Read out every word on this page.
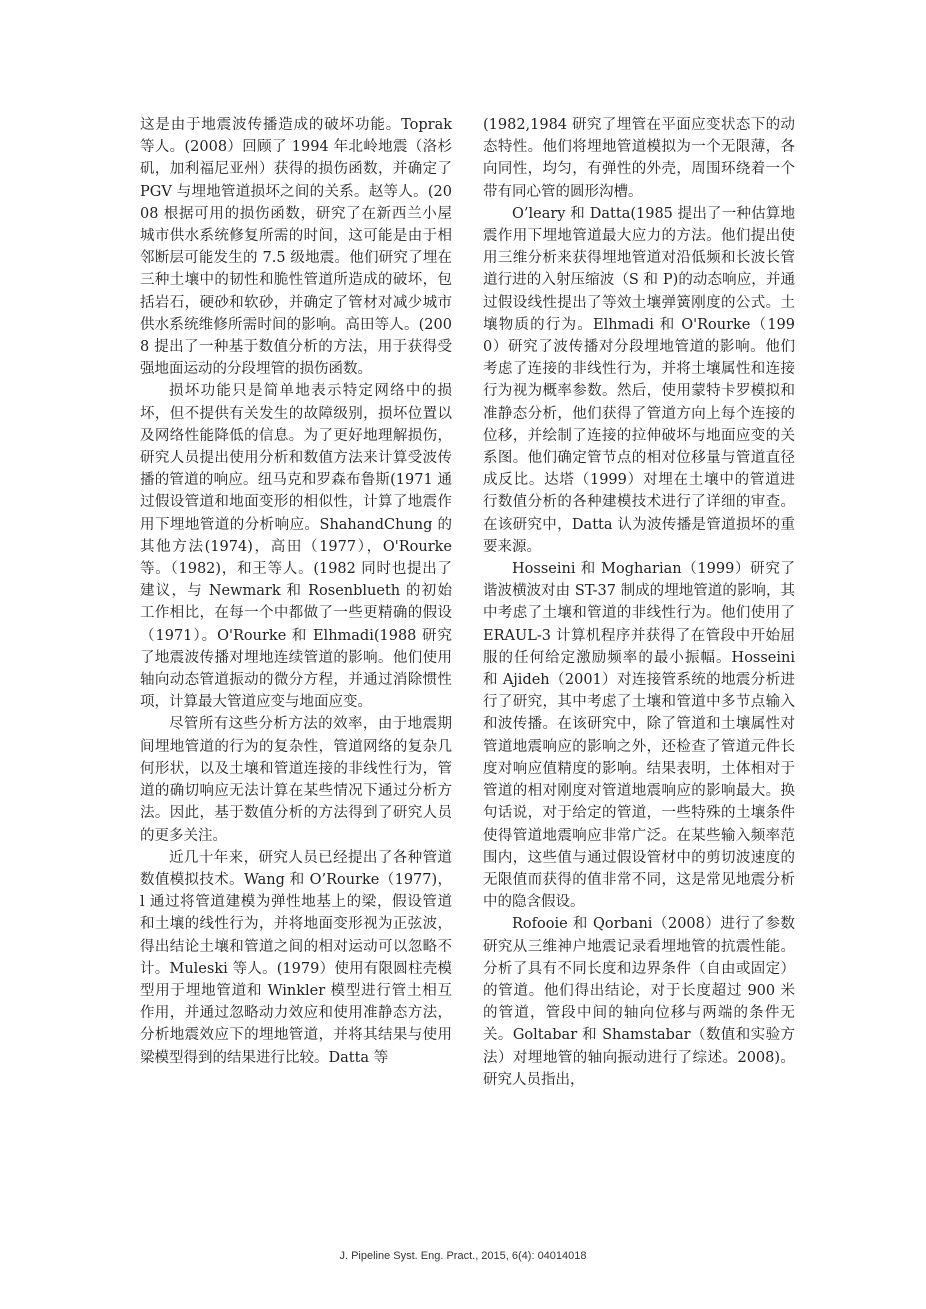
这是由于地震波传播造成的破坏功能。Toprak 等人。(2008）回顾了 1994 年北岭地震（洛杉矶，加利福尼亚州）获得的损伤函数，并确定了 PGV 与埋地管道损坏之间的关系。赵等人。(2008 根据可用的损伤函数，研究了在新西兰小屋城市供水系统修复所需的时间，这可能是由于相邻断层可能发生的 7.5 级地震。他们研究了埋在三种土壤中的韧性和脆性管道所造成的破坏，包括岩石，硬砂和软砂，并确定了管材对减少城市供水系统维修所需时间的影响。高田等人。(2008 提出了一种基于数值分析的方法，用于获得受强地面运动的分段埋管的损伤函数。

损坏功能只是简单地表示特定网络中的损坏，但不提供有关发生的故障级别，损坏位置以及网络性能降低的信息。为了更好地理解损伤，研究人员提出使用分析和数值方法来计算受波传播的管道的响应。纽马克和罗森布鲁斯(1971 通过假设管道和地面变形的相似性，计算了地震作用下埋地管道的分析响应。ShahandChung 的其他方法(1974)，高田（1977），O'Rourke 等。（1982)，和王等人。(1982 同时也提出了建议，与 Newmark 和 Rosenblueth 的初始工作相比，在每一个中都做了一些更精确的假设（1971）。O'Rourke 和 Elhmadi(1988 研究了地震波传播对埋地连续管道的影响。他们使用轴向动态管道振动的微分方程，并通过消除惯性项，计算最大管道应变与地面应变。

尽管所有这些分析方法的效率，由于地震期间埋地管道的行为的复杂性，管道网络的复杂几何形状，以及土壤和管道连接的非线性行为，管道的确切响应无法计算在某些情况下通过分析方法。因此，基于数值分析的方法得到了研究人员的更多关注。

近几十年来，研究人员已经提出了各种管道数值模拟技术。Wang 和 O’Rourke（1977)，l 通过将管道建模为弹性地基上的梁，假设管道和土壤的线性行为，并将地面变形视为正弦波，得出结论土壤和管道之间的相对运动可以忽略不计。Muleski 等人。(1979）使用有限圆柱壳模型用于埋地管道和 Winkler 模型进行管土相互作用，并通过忽略动力效应和使用准静态方法，分析地震效应下的埋地管道，并将其结果与使用梁模型得到的结果进行比较。Datta 等

(1982,1984 研究了埋管在平面应变状态下的动态特性。他们将埋地管道模拟为一个无限薄，各向同性，均匀，有弹性的外壳，周围环绕着一个带有同心管的圆形沟槽。

O’leary 和 Datta(1985 提出了一种估算地震作用下埋地管道最大应力的方法。他们提出使用三维分析来获得埋地管道对沿低频和长波长管道行进的入射压缩波（S 和 P)的动态响应，并通过假设线性提出了等效土壤弹簧刚度的公式。土壤物质的行为。Elhmadi 和 O'Rourke（1990）研究了波传播对分段埋地管道的影响。他们考虑了连接的非线性行为，并将土壤属性和连接行为视为概率参数。然后，使用蒙特卡罗模拟和准静态分析，他们获得了管道方向上每个连接的位移，并绘制了连接的拉伸破坏与地面应变的关系图。他们确定管节点的相对位移量与管道直径成反比。达塔（1999）对埋在土壤中的管道进行数值分析的各种建模技术进行了详细的审查。在该研究中，Datta 认为波传播是管道损坏的重要来源。

Hosseini 和 Mogharian（1999）研究了谐波横波对由 ST-37 制成的埋地管道的影响，其中考虑了土壤和管道的非线性行为。他们使用了 ERAUL-3 计算机程序并获得了在管段中开始屈服的任何给定激励频率的最小振幅。Hosseini 和 Ajideh（2001）对连接管系统的地震分析进行了研究，其中考虑了土壤和管道中多节点输入和波传播。在该研究中，除了管道和土壤属性对管道地震响应的影响之外，还检查了管道元件长度对响应值精度的影响。结果表明，土体相对于管道的相对刚度对管道地震响应的影响最大。换句话说，对于给定的管道，一些特殊的土壤条件使得管道地震响应非常广泛。在某些输入频率范围内，这些值与通过假设管材中的剪切波速度的无限值而获得的值非常不同，这是常见地震分析中的隐含假设。

Rofooie 和 Qorbani（2008）进行了参数研究从三维神户地震记录看埋地管的抗震性能。分析了具有不同长度和边界条件（自由或固定）的管道。他们得出结论，对于长度超过 900 米的管道，管段中间的轴向位移与两端的条件无关。Goltabar 和 Shamstabar（数值和实验方法）对埋地管的轴向振动进行了综述。2008)。研究人员指出，

J. Pipeline Syst. Eng. Pract., 2015, 6(4): 04014018
